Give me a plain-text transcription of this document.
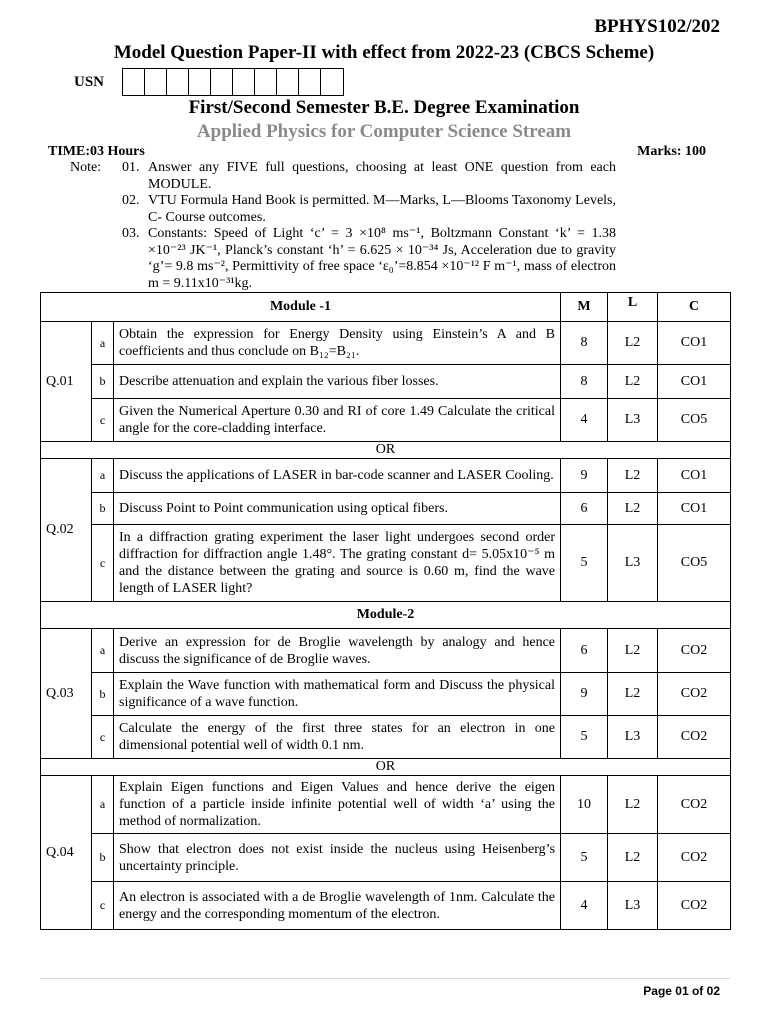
BPHYS102/202
Model Question Paper-II with effect from 2022-23 (CBCS Scheme)
USN
First/Second Semester B.E. Degree Examination
Applied Physics for Computer Science Stream
TIME:03 Hours	Marks: 100
Note: 01. Answer any FIVE full questions, choosing at least ONE question from each MODULE.
02. VTU Formula Hand Book is permitted. M—Marks, L—Blooms Taxonomy Levels, C- Course outcomes.
03. Constants: Speed of Light ‘c’ = 3 ×10⁸ ms⁻¹, Boltzmann Constant ‘k’ = 1.38 ×10⁻²³ JK⁻¹, Planck’s constant ‘h’ = 6.625 × 10⁻³⁴ Js, Acceleration due to gravity ‘g’= 9.8 ms⁻², Permittivity of free space ‘ε₀’=8.854 ×10⁻¹² F m⁻¹, mass of electron m = 9.11x10⁻³¹kg.
Module -1			M	L	C
Q.01	a	Obtain the expression for Energy Density using Einstein’s A and B coefficients and thus conclude on B₁₂=B₂₁.	8	L2	CO1
	b	Describe attenuation and explain the various fiber losses.	8	L2	CO1
	c	Given the Numerical Aperture 0.30 and RI of core 1.49 Calculate the critical angle for the core-cladding interface.	4	L3	CO5
OR					
Q.02	a	Discuss the applications of LASER in bar-code scanner and LASER Cooling.	9	L2	CO1
	b	Discuss Point to Point communication using optical fibers.	6	L2	CO1
	c	In a diffraction grating experiment the laser light undergoes second order diffraction for diffraction angle 1.48°. The grating constant d= 5.05x10⁻⁵ m and the distance between the grating and source is 0.60 m, find the wave length of LASER light?	5	L3	CO5
Module-2					
Q.03	a	Derive an expression for de Broglie wavelength by analogy and hence discuss the significance of de Broglie waves.	6	L2	CO2
	b	Explain the Wave function with mathematical form and Discuss the physical significance of a wave function.	9	L2	CO2
	c	Calculate the energy of the first three states for an electron in one dimensional potential well of width 0.1 nm.	5	L3	CO2
OR					
Q.04	a	Explain Eigen functions and Eigen Values and hence derive the eigen function of a particle inside infinite potential well of width ‘a’ using the method of normalization.	10	L2	CO2
	b	Show that electron does not exist inside the nucleus using Heisenberg’s uncertainty principle.	5	L2	CO2
	c	An electron is associated with a de Broglie wavelength of 1nm. Calculate the energy and the corresponding momentum of the electron.	4	L3	CO2
Page 01 of 02
